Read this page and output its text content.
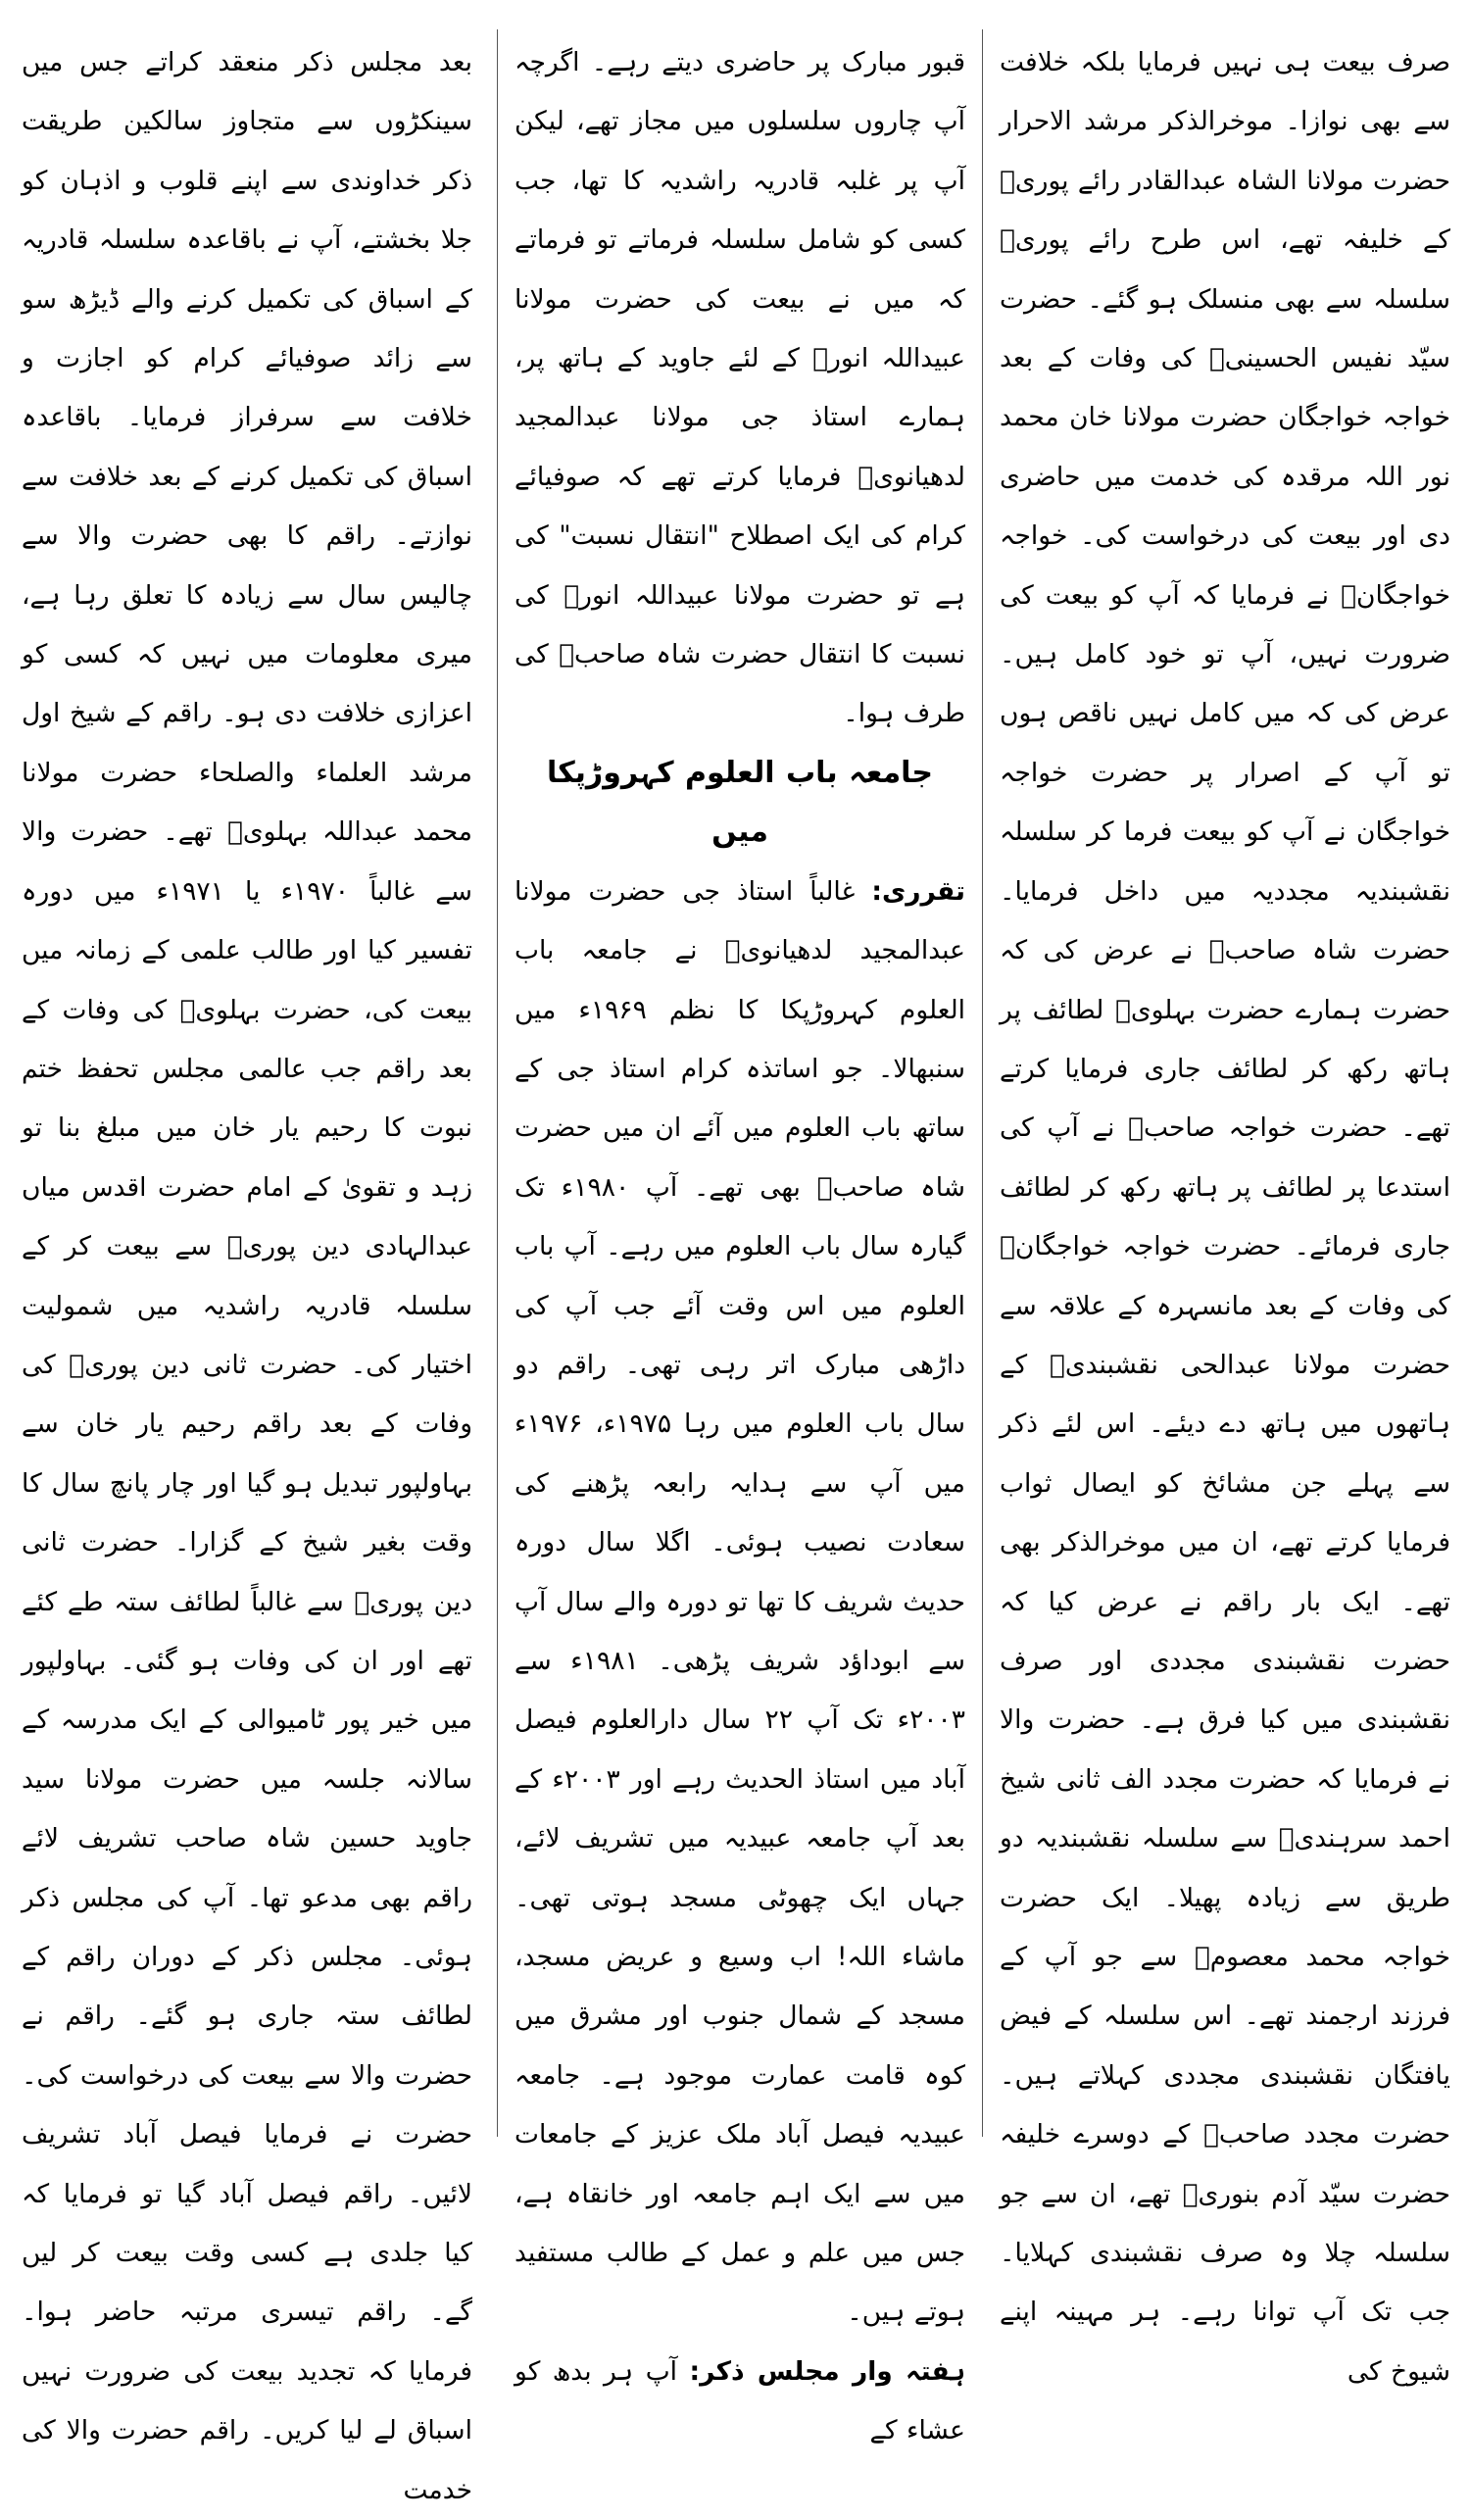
صرف بیعت ہی نہیں فرمایا بلکہ خلافت سے بھی نوازا۔ موخرالذکر مرشد الاحرار حضرت مولانا الشاہ عبدالقادر رائے پوریؒ کے خلیفہ تھے، اس طرح رائے پوریؒ سلسلہ سے بھی منسلک ہو گئے۔ حضرت سیّد نفیس الحسینیؒ کی وفات کے بعد خواجہ خواجگان حضرت مولانا خان محمد نور اللہ مرقدہ کی خدمت میں حاضری دی اور بیعت کی درخواست کی۔ خواجہ خواجگانؒ نے فرمایا کہ آپ کو بیعت کی ضرورت نہیں، آپ تو خود کامل ہیں۔ عرض کی کہ میں کامل نہیں ناقص ہوں تو آپ کے اصرار پر حضرت خواجہ خواجگان نے آپ کو بیعت فرما کر سلسلہ نقشبندیہ مجددیہ میں داخل فرمایا۔ حضرت شاہ صاحبؒ نے عرض کی کہ حضرت ہمارے حضرت بہلویؒ لطائف پر ہاتھ رکھ کر لطائف جاری فرمایا کرتے تھے۔ حضرت خواجہ صاحبؒ نے آپ کی استدعا پر لطائف پر ہاتھ رکھ کر لطائف جاری فرمائے۔ حضرت خواجہ خواجگانؒ کی وفات کے بعد مانسہرہ کے علاقہ سے حضرت مولانا عبدالحی نقشبندیؒ کے ہاتھوں میں ہاتھ دے دیئے۔ اس لئے ذکر سے پہلے جن مشائخ کو ایصال ثواب فرمایا کرتے تھے، ان میں موخرالذکر بھی تھے۔ ایک بار راقم نے عرض کیا کہ حضرت نقشبندی مجددی اور صرف نقشبندی میں کیا فرق ہے۔ حضرت والا نے فرمایا کہ حضرت مجدد الف ثانی شیخ احمد سرہندیؒ سے سلسلہ نقشبندیہ دو طریق سے زیادہ پھیلا۔ ایک حضرت خواجہ محمد معصومؒ سے جو آپ کے فرزند ارجمند تھے۔ اس سلسلہ کے فیض یافتگان نقشبندی مجددی کہلاتے ہیں۔ حضرت مجدد صاحبؒ کے دوسرے خلیفہ حضرت سیّد آدم بنوریؒ تھے، ان سے جو سلسلہ چلا وہ صرف نقشبندی کہلایا۔ جب تک آپ توانا رہے۔ ہر مہینہ اپنے شیوخ کی

قبور مبارک پر حاضری دیتے رہے۔ اگرچہ آپ چاروں سلسلوں میں مجاز تھے، لیکن آپ پر غلبہ قادریہ راشدیہ کا تھا، جب کسی کو شامل سلسلہ فرماتے تو فرماتے کہ میں نے بیعت کی حضرت مولانا عبیداللہ انورؒ کے لئے جاوید کے ہاتھ پر، ہمارے استاذ جی مولانا عبدالمجید لدھیانویؒ فرمایا کرتے تھے کہ صوفیائے کرام کی ایک اصطلاح "انتقال نسبت" کی ہے تو حضرت مولانا عبیداللہ انورؒ کی نسبت کا انتقال حضرت شاہ صاحبؒ کی طرف ہوا۔

جامعہ باب العلوم کہروڑپکا میں

تقرری: غالباً استاذ جی حضرت مولانا عبدالمجید لدھیانویؒ نے جامعہ باب العلوم کہروڑپکا کا نظم ۱۹۶۹ء میں سنبھالا۔ جو اساتذہ کرام استاذ جی کے ساتھ باب العلوم میں آئے ان میں حضرت شاہ صاحبؒ بھی تھے۔ آپ ۱۹۸۰ء تک گیارہ سال باب العلوم میں رہے۔ آپ باب العلوم میں اس وقت آئے جب آپ کی داڑھی مبارک اتر رہی تھی۔ راقم دو سال باب العلوم میں رہا ۱۹۷۵ء، ۱۹۷۶ء میں آپ سے ہدایہ رابعہ پڑھنے کی سعادت نصیب ہوئی۔ اگلا سال دورہ حدیث شریف کا تھا تو دورہ والے سال آپ سے ابوداؤد شریف پڑھی۔ ۱۹۸۱ء سے ۲۰۰۳ء تک آپ ۲۲ سال دارالعلوم فیصل آباد میں استاذ الحدیث رہے اور ۲۰۰۳ء کے بعد آپ جامعہ عبیدیہ میں تشریف لائے، جہاں ایک چھوٹی مسجد ہوتی تھی۔ ماشاء اللہ! اب وسیع و عریض مسجد، مسجد کے شمال جنوب اور مشرق میں کوہ قامت عمارت موجود ہے۔ جامعہ عبیدیہ فیصل آباد ملک عزیز کے جامعات میں سے ایک اہم جامعہ اور خانقاہ ہے، جس میں علم و عمل کے طالب مستفید ہوتے ہیں۔

ہفتہ وار مجلس ذکر: آپ ہر بدھ کو عشاء کے

بعد مجلس ذکر منعقد کراتے جس میں سینکڑوں سے متجاوز سالکین طریقت ذکر خداوندی سے اپنے قلوب و اذہان کو جلا بخشتے، آپ نے باقاعدہ سلسلہ قادریہ کے اسباق کی تکمیل کرنے والے ڈیڑھ سو سے زائد صوفیائے کرام کو اجازت و خلافت سے سرفراز فرمایا۔ باقاعدہ اسباق کی تکمیل کرنے کے بعد خلافت سے نوازتے۔ راقم کا بھی حضرت والا سے چالیس سال سے زیادہ کا تعلق رہا ہے، میری معلومات میں نہیں کہ کسی کو اعزازی خلافت دی ہو۔ راقم کے شیخ اول مرشد العلماء والصلحاء حضرت مولانا محمد عبداللہ بہلویؒ تھے۔ حضرت والا سے غالباً ۱۹۷۰ء یا ۱۹۷۱ء میں دورہ تفسیر کیا اور طالب علمی کے زمانہ میں بیعت کی، حضرت بہلویؒ کی وفات کے بعد راقم جب عالمی مجلس تحفظ ختم نبوت کا رحیم یار خان میں مبلغ بنا تو زہد و تقویٰ کے امام حضرت اقدس میاں عبدالہادی دین پوریؒ سے بیعت کر کے سلسلہ قادریہ راشدیہ میں شمولیت اختیار کی۔ حضرت ثانی دین پوریؒ کی وفات کے بعد راقم رحیم یار خان سے بہاولپور تبدیل ہو گیا اور چار پانچ سال کا وقت بغیر شیخ کے گزارا۔ حضرت ثانی دین پوریؒ سے غالباً لطائف ستہ طے کئے تھے اور ان کی وفات ہو گئی۔ بہاولپور میں خیر پور ٹامیوالی کے ایک مدرسہ کے سالانہ جلسہ میں حضرت مولانا سید جاوید حسین شاہ صاحب تشریف لائے راقم بھی مدعو تھا۔ آپ کی مجلس ذکر ہوئی۔ مجلس ذکر کے دوران راقم کے لطائف ستہ جاری ہو گئے۔ راقم نے حضرت والا سے بیعت کی درخواست کی۔ حضرت نے فرمایا فیصل آباد تشریف لائیں۔ راقم فیصل آباد گیا تو فرمایا کہ کیا جلدی ہے کسی وقت بیعت کر لیں گے۔ راقم تیسری مرتبہ حاضر ہوا۔ فرمایا کہ تجدید بیعت کی ضرورت نہیں اسباق لے لیا کریں۔ راقم حضرت والا کی خدمت
